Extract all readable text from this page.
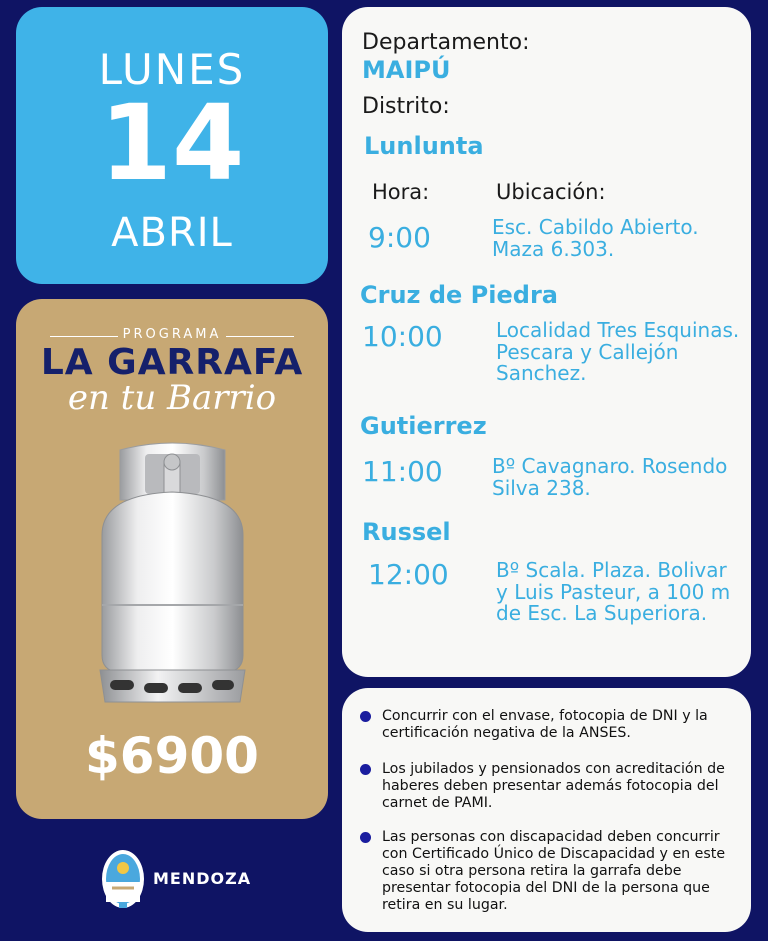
LUNES
14
ABRIL
PROGRAMA
LA GARRAFA
en tu Barrio
$6900
Departamento:
MAIPÚ
Distrito:
Lunlunta
Hora:	Ubicación:
9:00	Esc. Cabildo Abierto. Maza 6.303.
Cruz de Piedra
10:00	Localidad Tres Esquinas. Pescara y Callejón Sanchez.
Gutierrez
11:00 Bº Cavagnaro. Rosendo Silva 238.
Russel
12:00 Bº Scala. Plaza. Bolivar y Luis Pasteur, a 100 m de Esc. La Superiora.
Concurrir con el envase, fotocopia de DNI y la certificación negativa de la ANSES.
Los jubilados y pensionados con acreditación de haberes deben presentar además fotocopia del carnet de PAMI.
Las personas con discapacidad deben concurrir con Certificado Único de Discapacidad y en este caso si otra persona retira la garrafa debe presentar fotocopia del DNI de la persona que retira en su lugar.
MENDOZA
